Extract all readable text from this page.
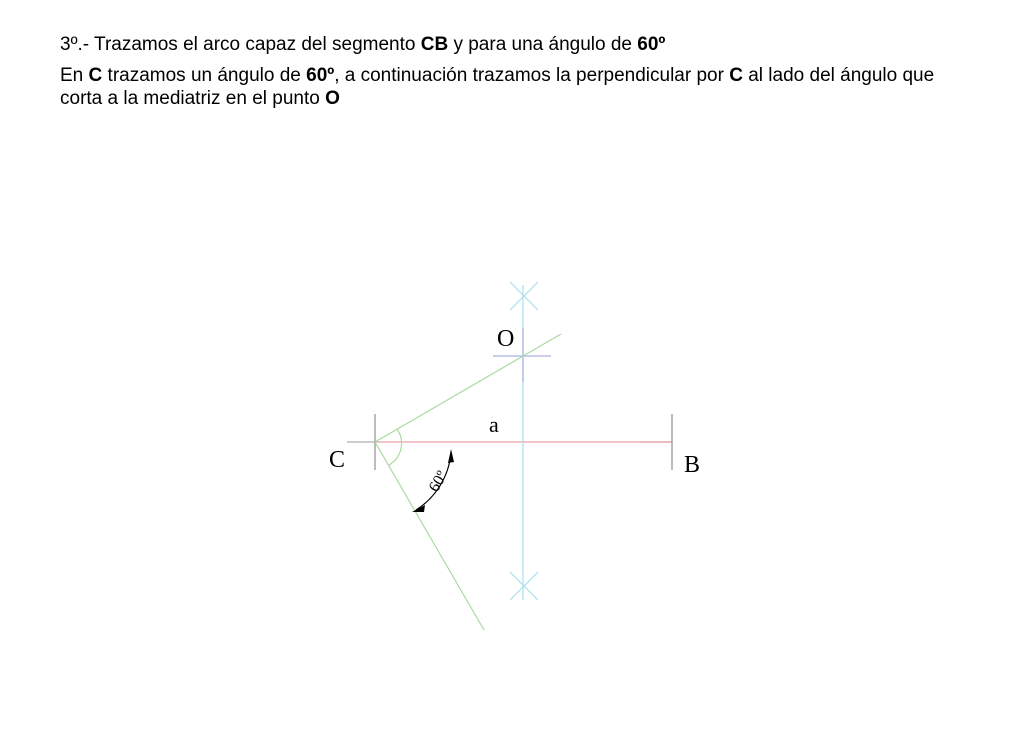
3º.- Trazamos el arco capaz del segmento CB y para una ángulo de 60º

En C trazamos un ángulo de 60º, a continuación trazamos la perpendicular por C al lado del ángulo que corta a la mediatriz en el punto O

O
C	B
a
60º
